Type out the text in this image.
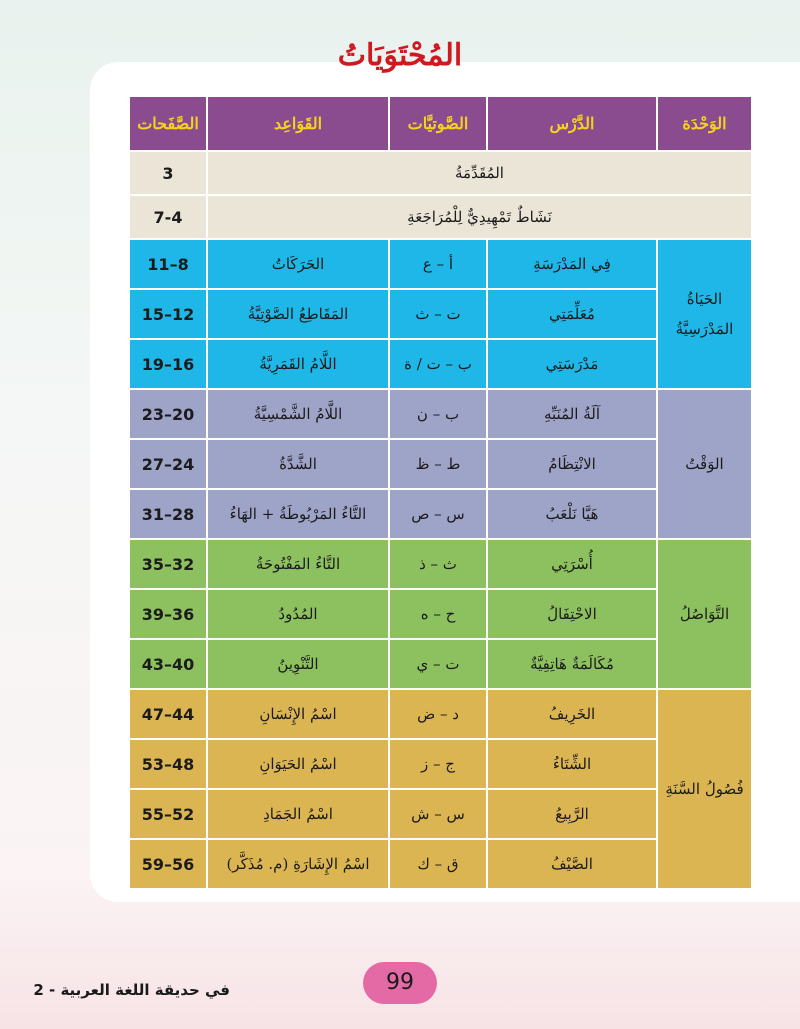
المُحْتَوَيَاتُ
الوَحْدَة	الدَّرْس	الصَّوتيَّات	القَوَاعِد	الصَّفَحات
المُقَدِّمَةُ				3
نَشَاطٌ تَمْهِيدِيٌّ لِلْمُرَاجَعَةِ				7-4
الحَيَاةُ المَدْرَسِيَّةُ	فِي المَدْرَسَةِ	أ – ع	الحَرَكَاتُ	11–8
	مُعَلِّمَتِي	ت – ث	المَقَاطِعُ الصَّوْتِيَّةُ	15–12
	مَدْرَسَتِي	ب – ت / ة	اللَّامُ القَمَرِيَّةُ	19–16
الوَقْتُ	آلَةُ المُنَبِّهِ	ب – ن	اللَّامُ الشَّمْسِيَّةُ	23–20
	الانْتِظَامُ	ط – ظ	الشَّدَّةُ	27–24
	هَيَّا نَلْعَبُ	س – ص	التَّاءُ المَرْبُوطَةُ + الهَاءُ	31–28
التَّوَاصُلُ	أُسْرَتِي	ث – ذ	التَّاءُ المَفْتُوحَةُ	35–32
	الاحْتِفَالُ	ح – ه	المُدُودُ	39–36
	مُكَالَمَةٌ هَاتِفِيَّةٌ	ت – ي	التَّنْوِينُ	43–40
فُصُولُ السَّنَةِ	الخَرِيفُ	د – ض	اسْمُ الإِنْسَانِ	47–44
	الشِّتَاءُ	ج – ز	اسْمُ الحَيَوَانِ	53–48
	الرَّبِيعُ	س – ش	اسْمُ الجَمَادِ	55–52
	الصَّيْفُ	ق – ك	اسْمُ الإِشَارَةِ (م. مُذَكَّر)	59–56
99
في حديقة اللغة العربية - 2
